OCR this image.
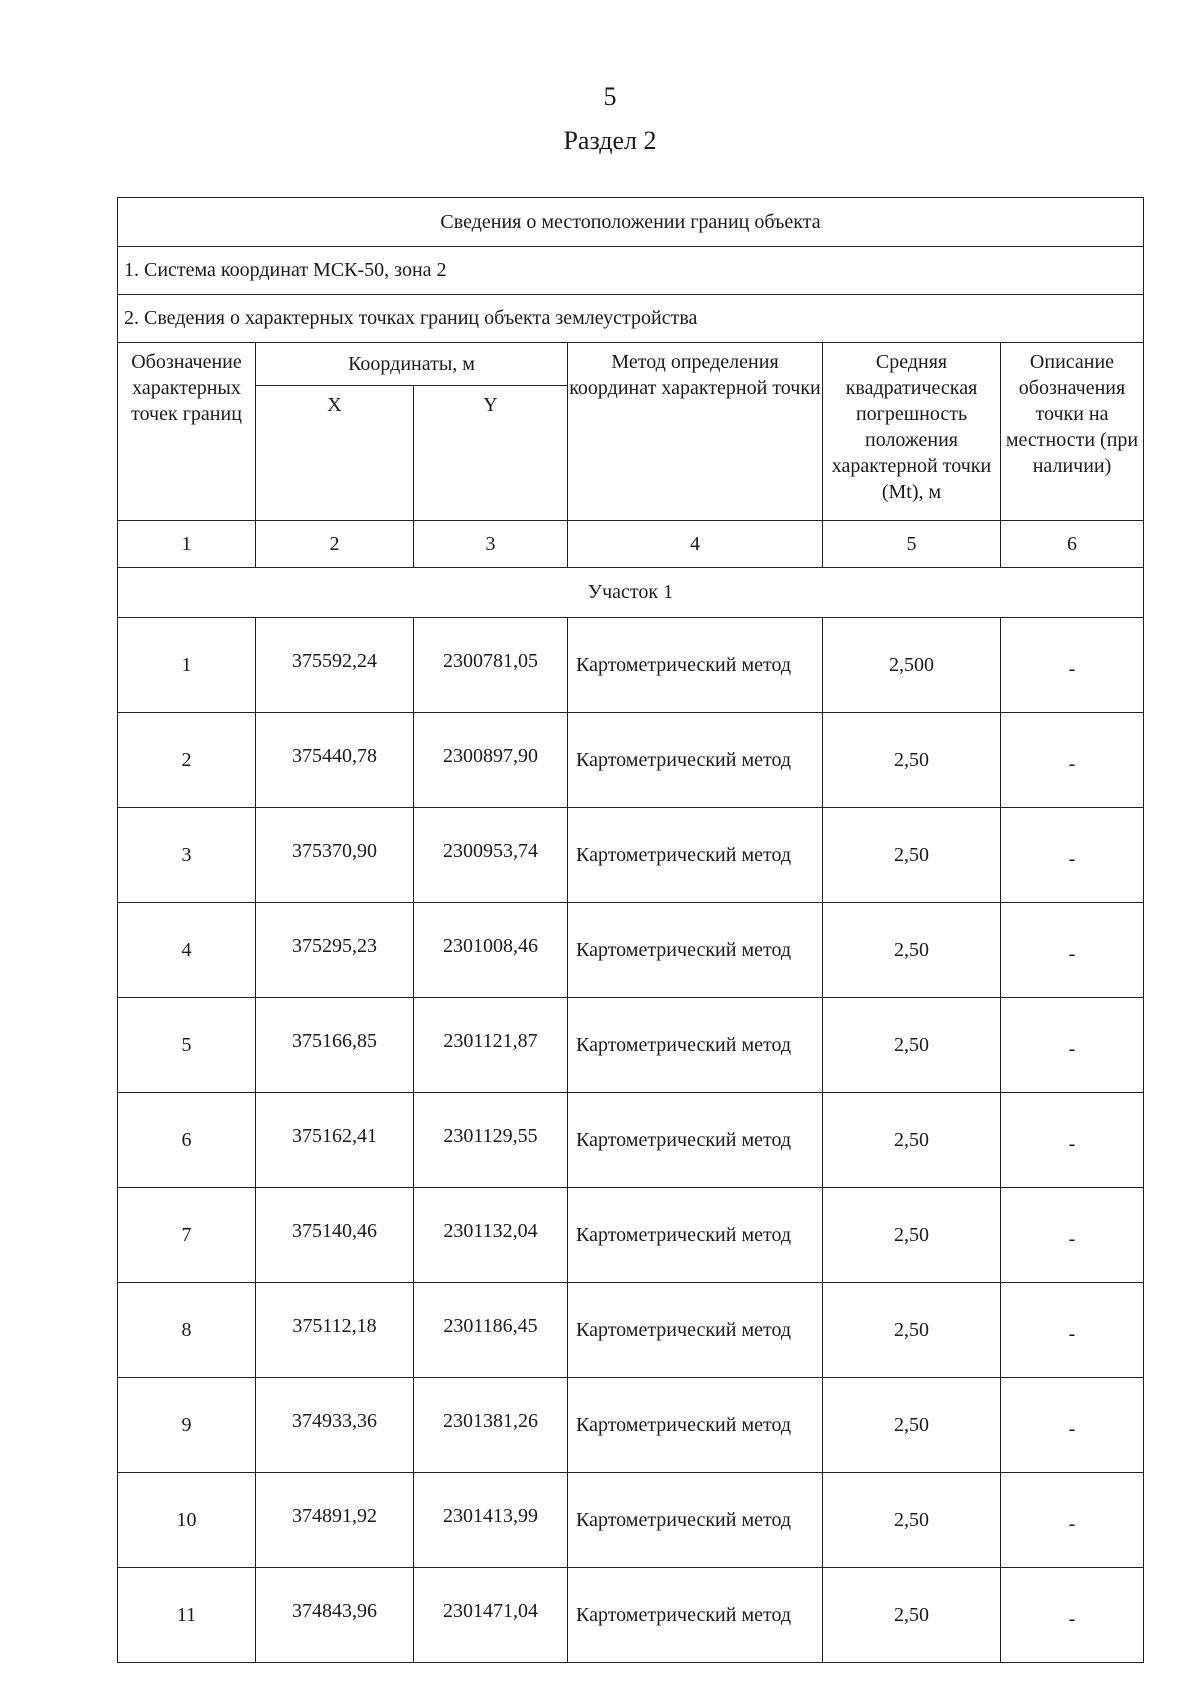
5
Раздел 2
Сведения о местоположении границ объекта					
1. Система координат МСК-50, зона 2					
2. Сведения о характерных точках границ объекта землеустройства					
Обозначение характерных точек границ	Координаты, м		Метод определения координат характерной точки	Средняя квадратическая погрешность положения характерной точки (Mt), м	Описание обозначения точки на местности (при наличии)
	X	Y			
1	2	3	4	5	6
Участок 1					
1	375592,24	2300781,05	Картометрический метод	2,500	-
2	375440,78	2300897,90	Картометрический метод	2,50	-
3	375370,90	2300953,74	Картометрический метод	2,50	-
4	375295,23	2301008,46	Картометрический метод	2,50	-
5	375166,85	2301121,87	Картометрический метод	2,50	-
6	375162,41	2301129,55	Картометрический метод	2,50	-
7	375140,46	2301132,04	Картометрический метод	2,50	-
8	375112,18	2301186,45	Картометрический метод	2,50	-
9	374933,36	2301381,26	Картометрический метод	2,50	-
10	374891,92	2301413,99	Картометрический метод	2,50	-
11	374843,96	2301471,04	Картометрический метод	2,50	-
